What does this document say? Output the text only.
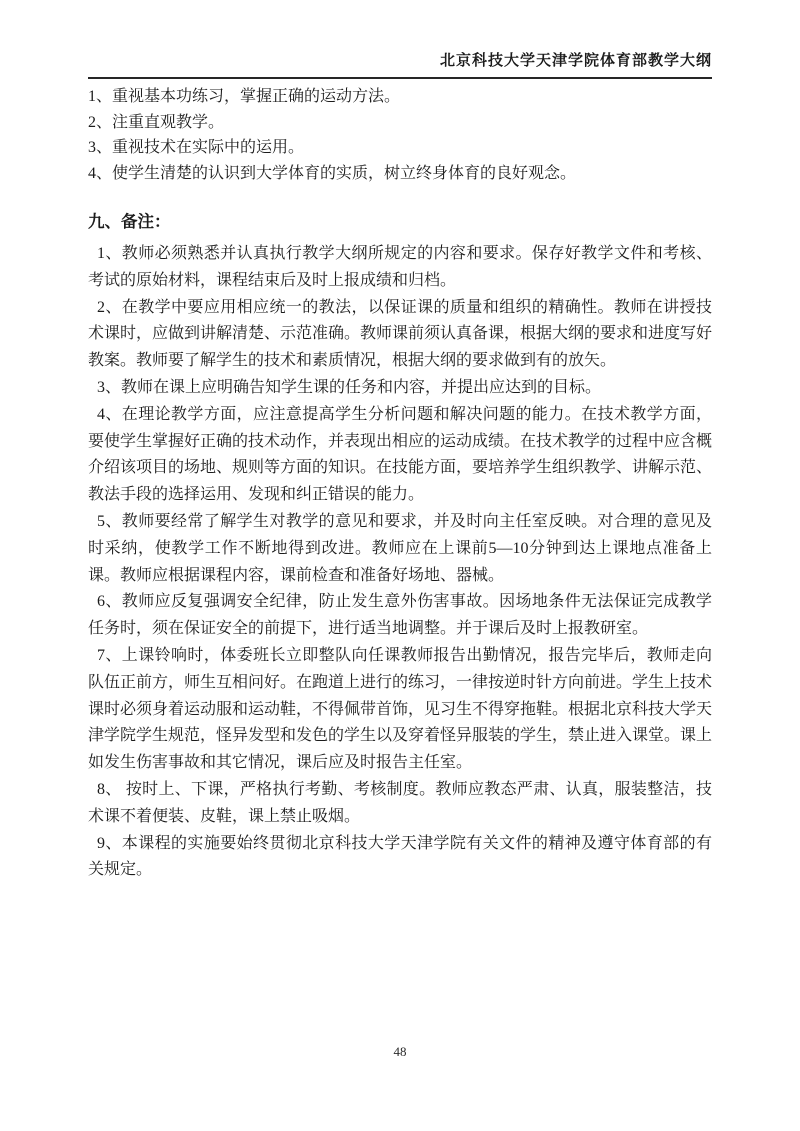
北京科技大学天津学院体育部教学大纲
1、重视基本功练习，掌握正确的运动方法。
2、注重直观教学。
3、重视技术在实际中的运用。
4、使学生清楚的认识到大学体育的实质，树立终身体育的良好观念。
九、备注：

1、教师必须熟悉并认真执行教学大纲所规定的内容和要求。保存好教学文件和考核、考试的原始材料，课程结束后及时上报成绩和归档。

2、在教学中要应用相应统一的教法，以保证课的质量和组织的精确性。教师在讲授技术课时，应做到讲解清楚、示范准确。教师课前须认真备课，根据大纲的要求和进度写好教案。教师要了解学生的技术和素质情况，根据大纲的要求做到有的放矢。

3、教师在课上应明确告知学生课的任务和内容，并提出应达到的目标。

4、在理论教学方面，应注意提高学生分析问题和解决问题的能力。在技术教学方面，要使学生掌握好正确的技术动作，并表现出相应的运动成绩。在技术教学的过程中应含概介绍该项目的场地、规则等方面的知识。在技能方面，要培养学生组织教学、讲解示范、教法手段的选择运用、发现和纠正错误的能力。

5、教师要经常了解学生对教学的意见和要求，并及时向主任室反映。对合理的意见及时采纳，使教学工作不断地得到改进。教师应在上课前5—10分钟到达上课地点准备上课。教师应根据课程内容，课前检查和准备好场地、器械。

6、教师应反复强调安全纪律，防止发生意外伤害事故。因场地条件无法保证完成教学任务时，须在保证安全的前提下，进行适当地调整。并于课后及时上报教研室。

7、上课铃响时，体委班长立即整队向任课教师报告出勤情况，报告完毕后，教师走向队伍正前方，师生互相问好。在跑道上进行的练习，一律按逆时针方向前进。学生上技术课时必须身着运动服和运动鞋，不得佩带首饰，见习生不得穿拖鞋。根据北京科技大学天津学院学生规范，怪异发型和发色的学生以及穿着怪异服装的学生，禁止进入课堂。课上如发生伤害事故和其它情况，课后应及时报告主任室。

8、 按时上、下课，严格执行考勤、考核制度。教师应教态严肃、认真，服装整洁，技术课不着便装、皮鞋，课上禁止吸烟。

9、本课程的实施要始终贯彻北京科技大学天津学院有关文件的精神及遵守体育部的有关规定。

48
